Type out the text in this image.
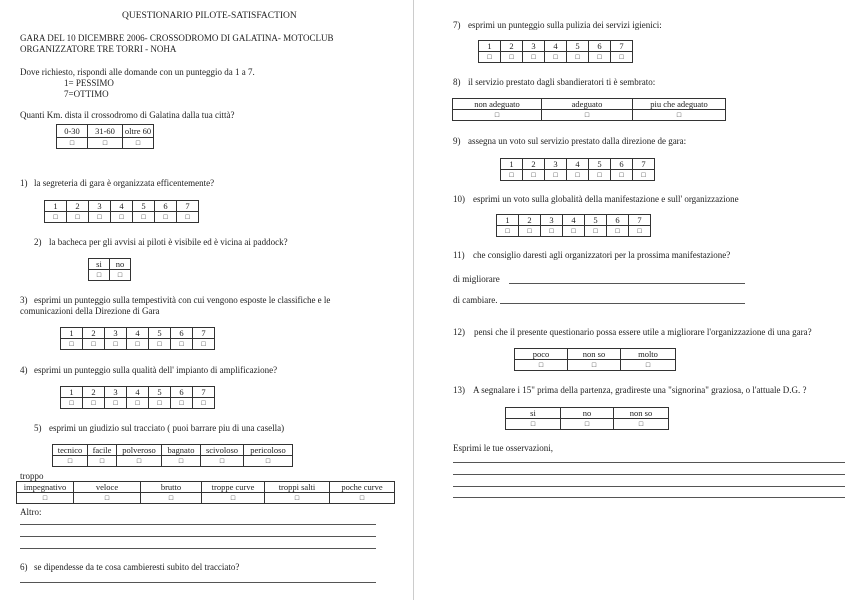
QUESTIONARIO PILOTE-SATISFACTION
GARA DEL 10 DICEMBRE 2006- CROSSODROMO DI GALATINA- MOTOCLUB
ORGANIZZATORE TRE TORRI - NOHA
Dove richiesto, rispondi alle domande con un punteggio da 1 a 7.
1= PESSIMO
7=OTTIMO
Quanti Km. dista il crossodromo di Galatina dalla tua città?
0-30	31-60	oltre 60
□	□	□
1) la segreteria di gara è organizzata efficentemente?
1	2	3	4	5	6	7
□	□	□	□	□	□	□
2) la bacheca per gli avvisi ai piloti è visibile ed è vicina ai paddock?
si	no
□	□
3) esprimi un punteggio sulla tempestività con cui vengono esposte le classifiche e le
comunicazioni della Direzione di Gara
1	2	3	4	5	6	7
□	□	□	□	□	□	□
4) esprimi un punteggio sulla qualità dell' impianto di amplificazione?
1	2	3	4	5	6	7
□	□	□	□	□	□	□
5) esprimi un giudizio sul tracciato ( puoi barrare piu di una casella)
tecnico	facile	polveroso	bagnato	scivoloso	pericoloso
□	□	□	□	□	□
troppo
impegnativo	veloce	brutto	troppe curve	troppi salti	poche curve
□	□	□	□	□	□
Altro:
6) se dipendesse da te cosa cambieresti subito del tracciato?
7) esprimi un punteggio sulla pulizia dei servizi igienici:
1	2	3	4	5	6	7
□	□	□	□	□	□	□
8) il servizio prestato dagli sbandieratori ti è sembrato:
non adeguato	adeguato	piu che adeguato
□	□	□
9) assegna un voto sul servizio prestato dalla direzione de gara:
1	2	3	4	5	6	7
□	□	□	□	□	□	□
10) esprimi un voto sulla globalità della manifestazione e sull' organizzazione
1	2	3	4	5	6	7
□	□	□	□	□	□	□
11) che consiglio daresti agli organizzatori per la prossima manifestazione?
di migliorare
di cambiare.
12) pensi che il presente questionario possa essere utile a migliorare l'organizzazione di una gara?
poco	non so	molto
□	□	□
13) A segnalare i 15" prima della partenza, gradireste una "signorina" graziosa, o l'attuale D.G. ?
si	no	non so
□	□	□
Esprimi le tue osservazioni,
